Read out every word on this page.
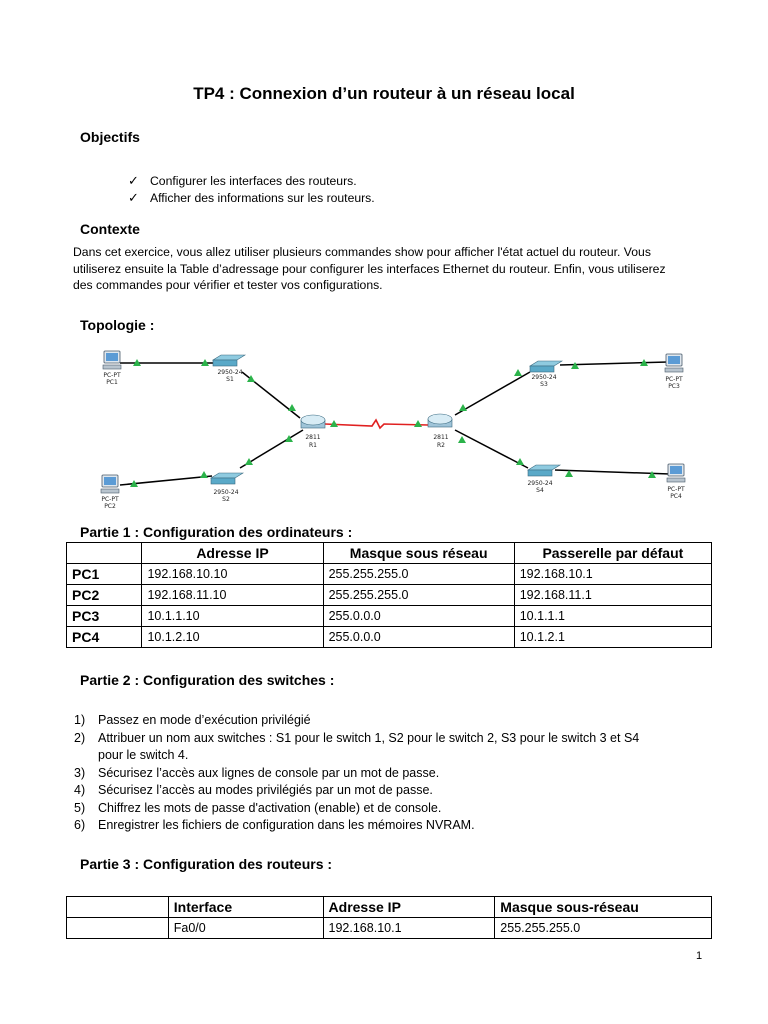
TP4 : Connexion d’un routeur à un réseau local
Objectifs
✓ Configurer les interfaces des routeurs.
✓ Afficher des informations sur les routeurs.
Contexte
Dans cet exercice, vous allez utiliser plusieurs commandes show pour afficher l'état actuel du routeur. Vous
utiliserez ensuite la Table d’adressage pour configurer les interfaces Ethernet du routeur. Enfin, vous utiliserez
des commandes pour vérifier et tester vos configurations.
Topologie :
PC-PT
PC1
PC-PT
PC2
PC-PT
PC3
PC-PT
PC4
2950-24
S1
2950-24
S2
2950-24
S3
2950-24
S4
2811
R1
2811
R2
Partie 1 : Configuration des ordinateurs :
	Adresse IP	Masque sous réseau	Passerelle par défaut
PC1	192.168.10.10	255.255.255.0	192.168.10.1
PC2	192.168.11.10	255.255.255.0	192.168.11.1
PC3	10.1.1.10	255.0.0.0	10.1.1.1
PC4	10.1.2.10	255.0.0.0	10.1.2.1
Partie 2 : Configuration des switches :
1)	Passez en mode d’exécution privilégié
2)	Attribuer un nom aux switches : S1 pour le switch 1, S2 pour le switch 2, S3 pour le switch 3 et S4
pour le switch 4.
3)	Sécurisez l’accès aux lignes de console par un mot de passe.
4)	Sécurisez l’accès au modes privilégiés par un mot de passe.
5)	Chiffrez les mots de passe d'activation (enable) et de console.
6)	Enregistrer les fichiers de configuration dans les mémoires NVRAM.
Partie 3 : Configuration des routeurs :
	Interface	Adresse IP	Masque sous-réseau
	Fa0/0	192.168.10.1	255.255.255.0
1
